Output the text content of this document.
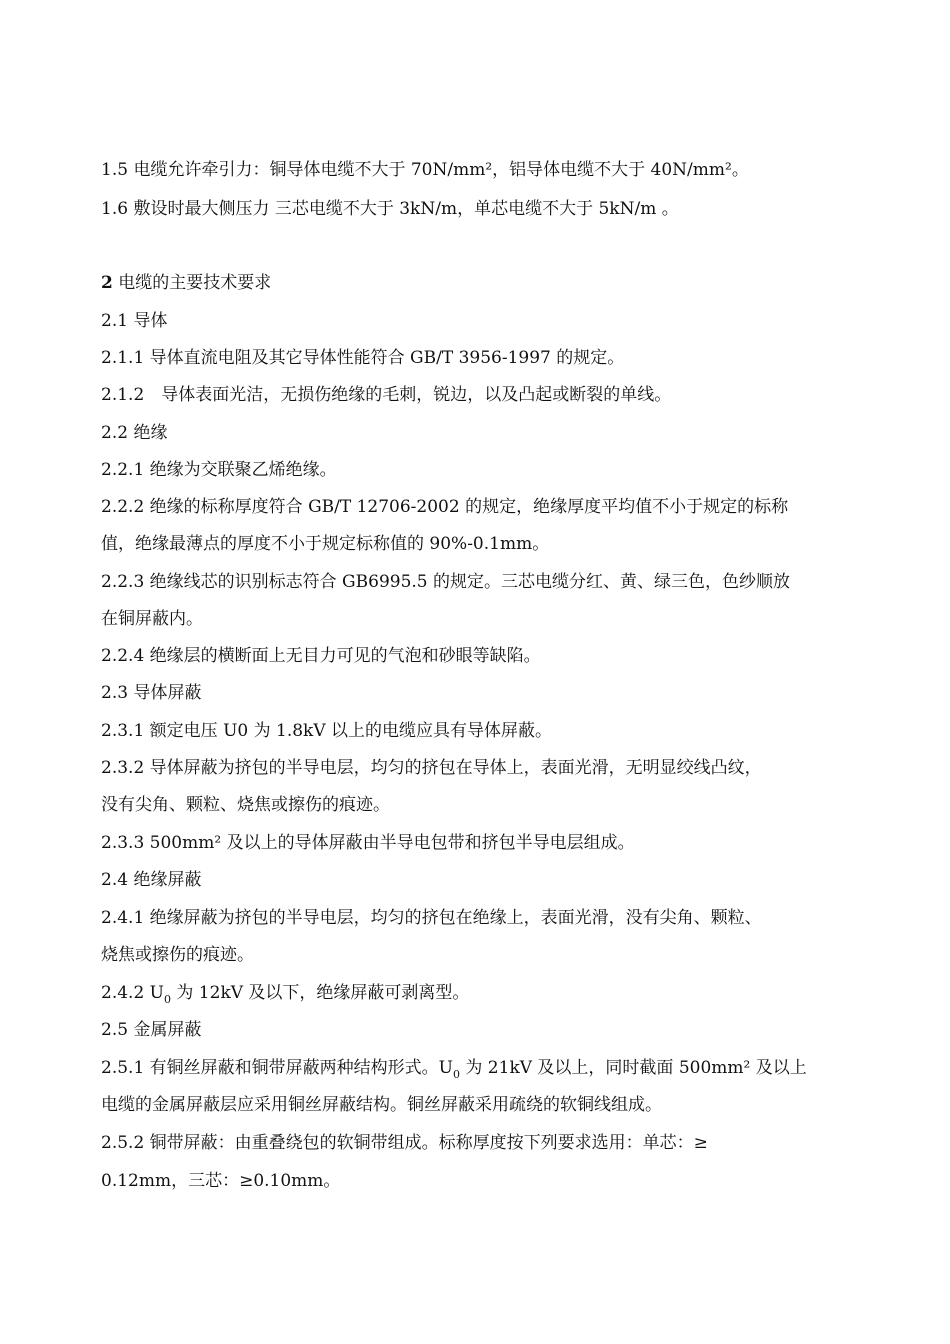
1.5 电缆允许牵引力：铜导体电缆不大于 70N/mm²，铝导体电缆不大于 40N/mm²。

1.6 敷设时最大侧压力 三芯电缆不大于 3kN/m，单芯电缆不大于 5kN/m 。

2 电缆的主要技术要求

2.1 导体

2.1.1 导体直流电阻及其它导体性能符合 GB/T 3956-1997 的规定。

2.1.2　导体表面光洁，无损伤绝缘的毛刺，锐边，以及凸起或断裂的单线。

2.2 绝缘

2.2.1 绝缘为交联聚乙烯绝缘。

2.2.2 绝缘的标称厚度符合 GB/T 12706-2002 的规定，绝缘厚度平均值不小于规定的标称

值，绝缘最薄点的厚度不小于规定标称值的 90%-0.1mm。

2.2.3 绝缘线芯的识别标志符合 GB6995.5 的规定。三芯电缆分红、黄、绿三色，色纱顺放

在铜屏蔽内。

2.2.4 绝缘层的横断面上无目力可见的气泡和砂眼等缺陷。

2.3 导体屏蔽

2.3.1 额定电压 U0 为 1.8kV 以上的电缆应具有导体屏蔽。

2.3.2 导体屏蔽为挤包的半导电层，均匀的挤包在导体上，表面光滑，无明显绞线凸纹，

没有尖角、颗粒、烧焦或擦伤的痕迹。

2.3.3 500mm² 及以上的导体屏蔽由半导电包带和挤包半导电层组成。

2.4 绝缘屏蔽

2.4.1 绝缘屏蔽为挤包的半导电层，均匀的挤包在绝缘上，表面光滑，没有尖角、颗粒、

烧焦或擦伤的痕迹。

2.4.2 $U_0$ 为 12kV 及以下，绝缘屏蔽可剥离型。

2.5 金属屏蔽

2.5.1 有铜丝屏蔽和铜带屏蔽两种结构形式。$U_0$ 为 21kV 及以上，同时截面 500mm² 及以上

电缆的金属屏蔽层应采用铜丝屏蔽结构。铜丝屏蔽采用疏绕的软铜线组成。

2.5.2 铜带屏蔽：由重叠绕包的软铜带组成。标称厚度按下列要求选用：单芯：≥

0.12mm，三芯：≥0.10mm。
